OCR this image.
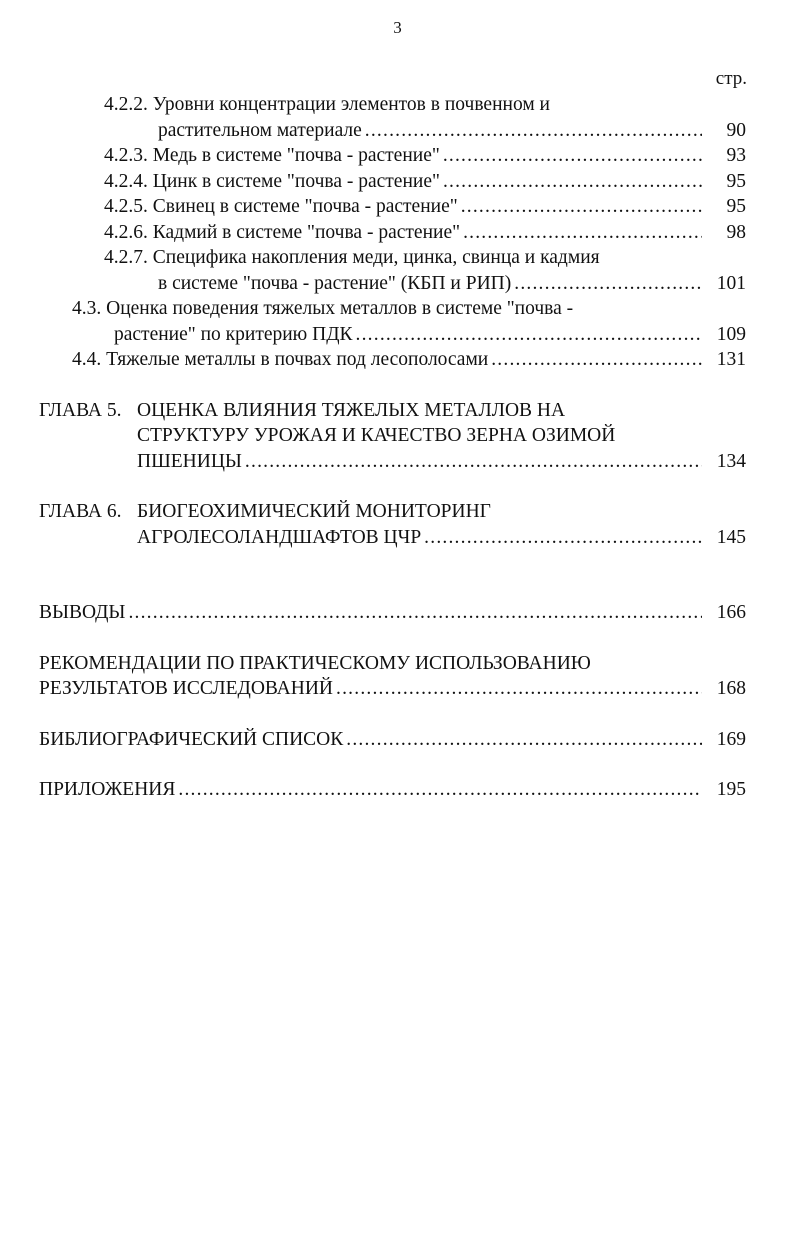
3
стр.
4.2.2. Уровни концентрации элементов в почвенном и
растительном материале .....	90
4.2.3. Медь в системе "почва - растение" .....	93
4.2.4. Цинк в системе "почва - растение" .....	95
4.2.5. Свинец в системе "почва - растение" .....	95
4.2.6. Кадмий в системе "почва - растение" .....	98
4.2.7. Специфика накопления меди, цинка, свинца и кадмия
в системе "почва - растение" (КБП и РИП) .....	101
4.3. Оценка поведения тяжелых металлов в системе "почва -
растение" по критерию ПДК .....	109
4.4. Тяжелые металлы в почвах под лесополосами .....	131
ГЛАВА 5. ОЦЕНКА ВЛИЯНИЯ ТЯЖЕЛЫХ МЕТАЛЛОВ НА
СТРУКТУРУ УРОЖАЯ И КАЧЕСТВО ЗЕРНА ОЗИМОЙ
ПШЕНИЦЫ .....	134
ГЛАВА 6. БИОГЕОХИМИЧЕСКИЙ МОНИТОРИНГ
АГРОЛЕСОЛАНДШАФТОВ ЦЧР .....	145
ВЫВОДЫ .....	166
РЕКОМЕНДАЦИИ ПО ПРАКТИЧЕСКОМУ ИСПОЛЬЗОВАНИЮ
РЕЗУЛЬТАТОВ ИССЛЕДОВАНИЙ .....	168
БИБЛИОГРАФИЧЕСКИЙ СПИСОК .....	169
ПРИЛОЖЕНИЯ .....	195
